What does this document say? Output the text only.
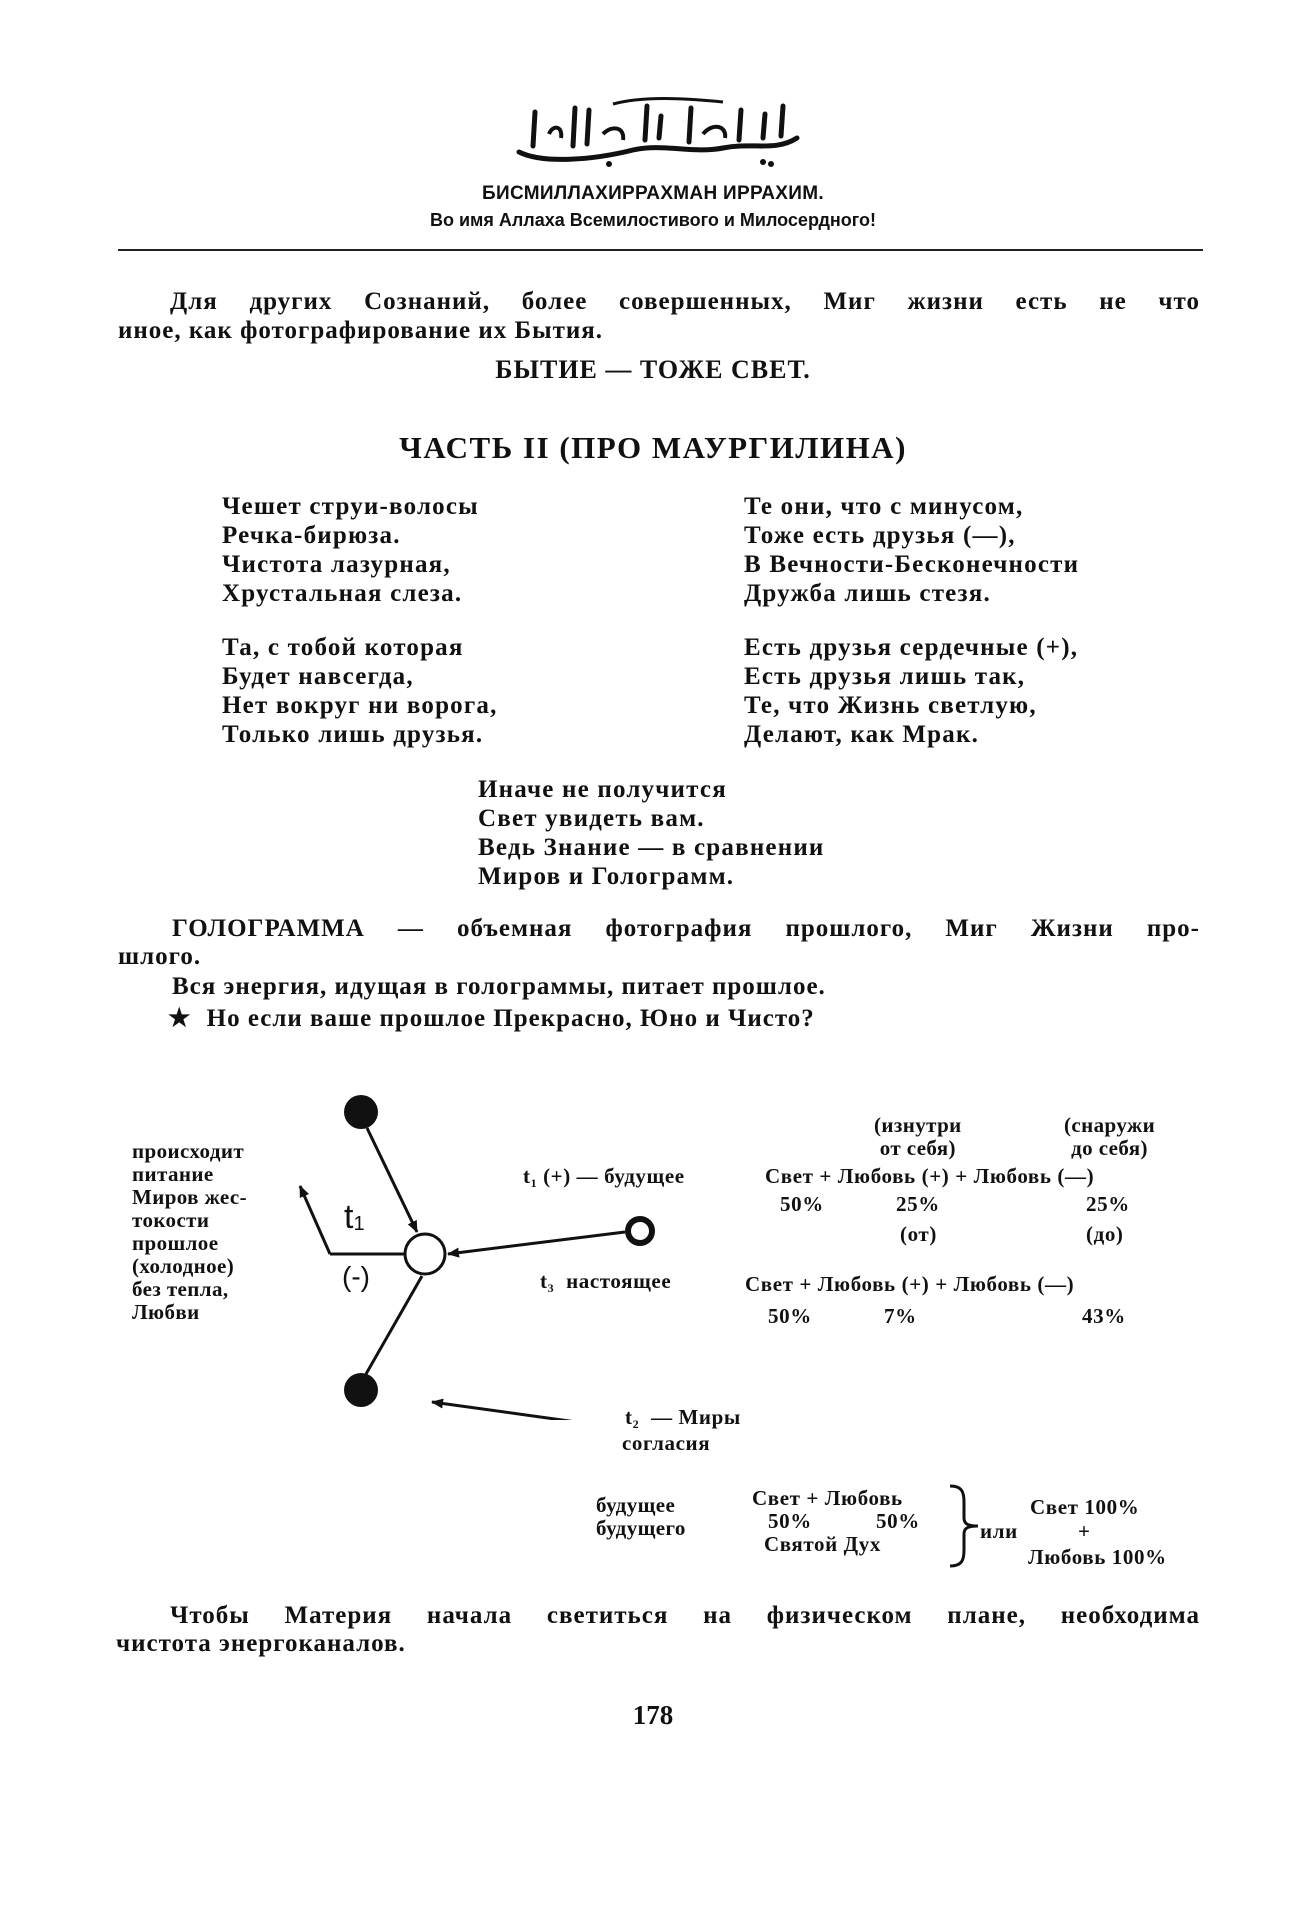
БИСМИЛЛАХИРРАХМАН ИРРАХИМ.
Во имя Аллаха Всемилостивого и Милосердного!
Для других Сознаний, более совершенных, Миг жизни есть не что
иное, как фотографирование их Бытия.
БЫТИЕ — ТОЖЕ СВЕТ.
ЧАСТЬ II (ПРО МАУРГИЛИНА)
Чешет струи-волосы
Речка-бирюза.
Чистота лазурная,
Хрустальная слеза.
Та, с тобой которая
Будет навсегда,
Нет вокруг ни ворога,
Только лишь друзья.
Те они, что с минусом,
Тоже есть друзья (—),
В Вечности-Бесконечности
Дружба лишь стезя.
Есть друзья сердечные (+),
Есть друзья лишь так,
Те, что Жизнь светлую,
Делают, как Мрак.
Иначе не получится
Свет увидеть вам.
Ведь Знание — в сравнении
Миров и Голограмм.
ГОЛОГРАММА — объемная фотография прошлого, Миг Жизни про-
шлого.
Вся энергия, идущая в голограммы, питает прошлое.
★ Но если ваше прошлое Прекрасно, Юно и Чисто?
$t_1$
(-)
происходит
питание
Миров жес-
токости
прошлое
(холодное)
без тепла,
Любви
(изнутри
от себя)
(снаружи
до себя)
$t_1$ (+) — будущее	Свет + Любовь (+) + Любовь (—)
50%	25%	25%
(от)	(до)
$t_3$ настоящее	Свет + Любовь (+) + Любовь (—)
50%	7%	43%
$t_2$ — Миры
согласия
будущее
будущего
Свет + Любовь
50%	50%
Святой Дух
или
Свет 100%
+
Любовь 100%
Чтобы Материя начала светиться на физическом плане, необходима
чистота энергоканалов.
178
